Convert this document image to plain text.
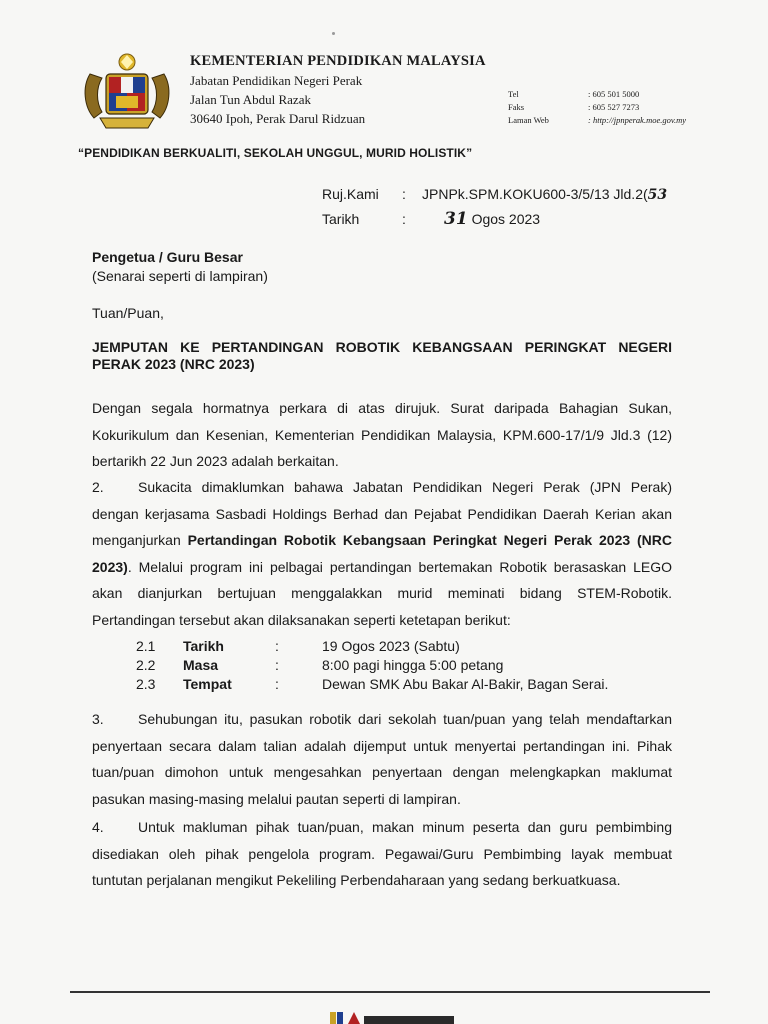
KEMENTERIAN PENDIDIKAN MALAYSIA
Jabatan Pendidikan Negeri Perak
Jalan Tun Abdul Razak
30640 Ipoh, Perak Darul Ridzuan
Tel	: 605 501 5000
Faks	: 605 527 7273
Laman Web	: http://jpnperak.moe.gov.my
“PENDIDIKAN BERKUALITI, SEKOLAH UNGGUL, MURID HOLISTIK”
Ruj.Kami : JPNPk.SPM.KOKU600-3/5/13 Jld.2(53
Tarikh	: 31 Ogos 2023
Pengetua / Guru Besar
(Senarai seperti di lampiran)
Tuan/Puan,
JEMPUTAN KE PERTANDINGAN ROBOTIK KEBANGSAAN PERINGKAT NEGERI PERAK 2023 (NRC 2023)
Dengan segala hormatnya perkara di atas dirujuk. Surat daripada Bahagian Sukan, Kokurikulum dan Kesenian, Kementerian Pendidikan Malaysia, KPM.600-17/1/9 Jld.3 (12) bertarikh 22 Jun 2023 adalah berkaitan.
2. Sukacita dimaklumkan bahawa Jabatan Pendidikan Negeri Perak (JPN Perak) dengan kerjasama Sasbadi Holdings Berhad dan Pejabat Pendidikan Daerah Kerian akan menganjurkan Pertandingan Robotik Kebangsaan Peringkat Negeri Perak 2023 (NRC 2023). Melalui program ini pelbagai pertandingan bertemakan Robotik berasaskan LEGO akan dianjurkan bertujuan menggalakkan murid meminati bidang STEM-Robotik. Pertandingan tersebut akan dilaksanakan seperti ketetapan berikut:
2.1	Tarikh	:	19 Ogos 2023 (Sabtu)
2.2	Masa	:	8:00 pagi hingga 5:00 petang
2.3	Tempat	:	Dewan SMK Abu Bakar Al-Bakir, Bagan Serai.
3. Sehubungan itu, pasukan robotik dari sekolah tuan/puan yang telah mendaftarkan penyertaan secara dalam talian adalah dijemput untuk menyertai pertandingan ini. Pihak tuan/puan dimohon untuk mengesahkan penyertaan dengan melengkapkan maklumat pasukan masing-masing melalui pautan seperti di lampiran.
4. Untuk makluman pihak tuan/puan, makan minum peserta dan guru pembimbing disediakan oleh pihak pengelola program. Pegawai/Guru Pembimbing layak membuat tuntutan perjalanan mengikut Pekeliling Perbendaharaan yang sedang berkuatkuasa.
